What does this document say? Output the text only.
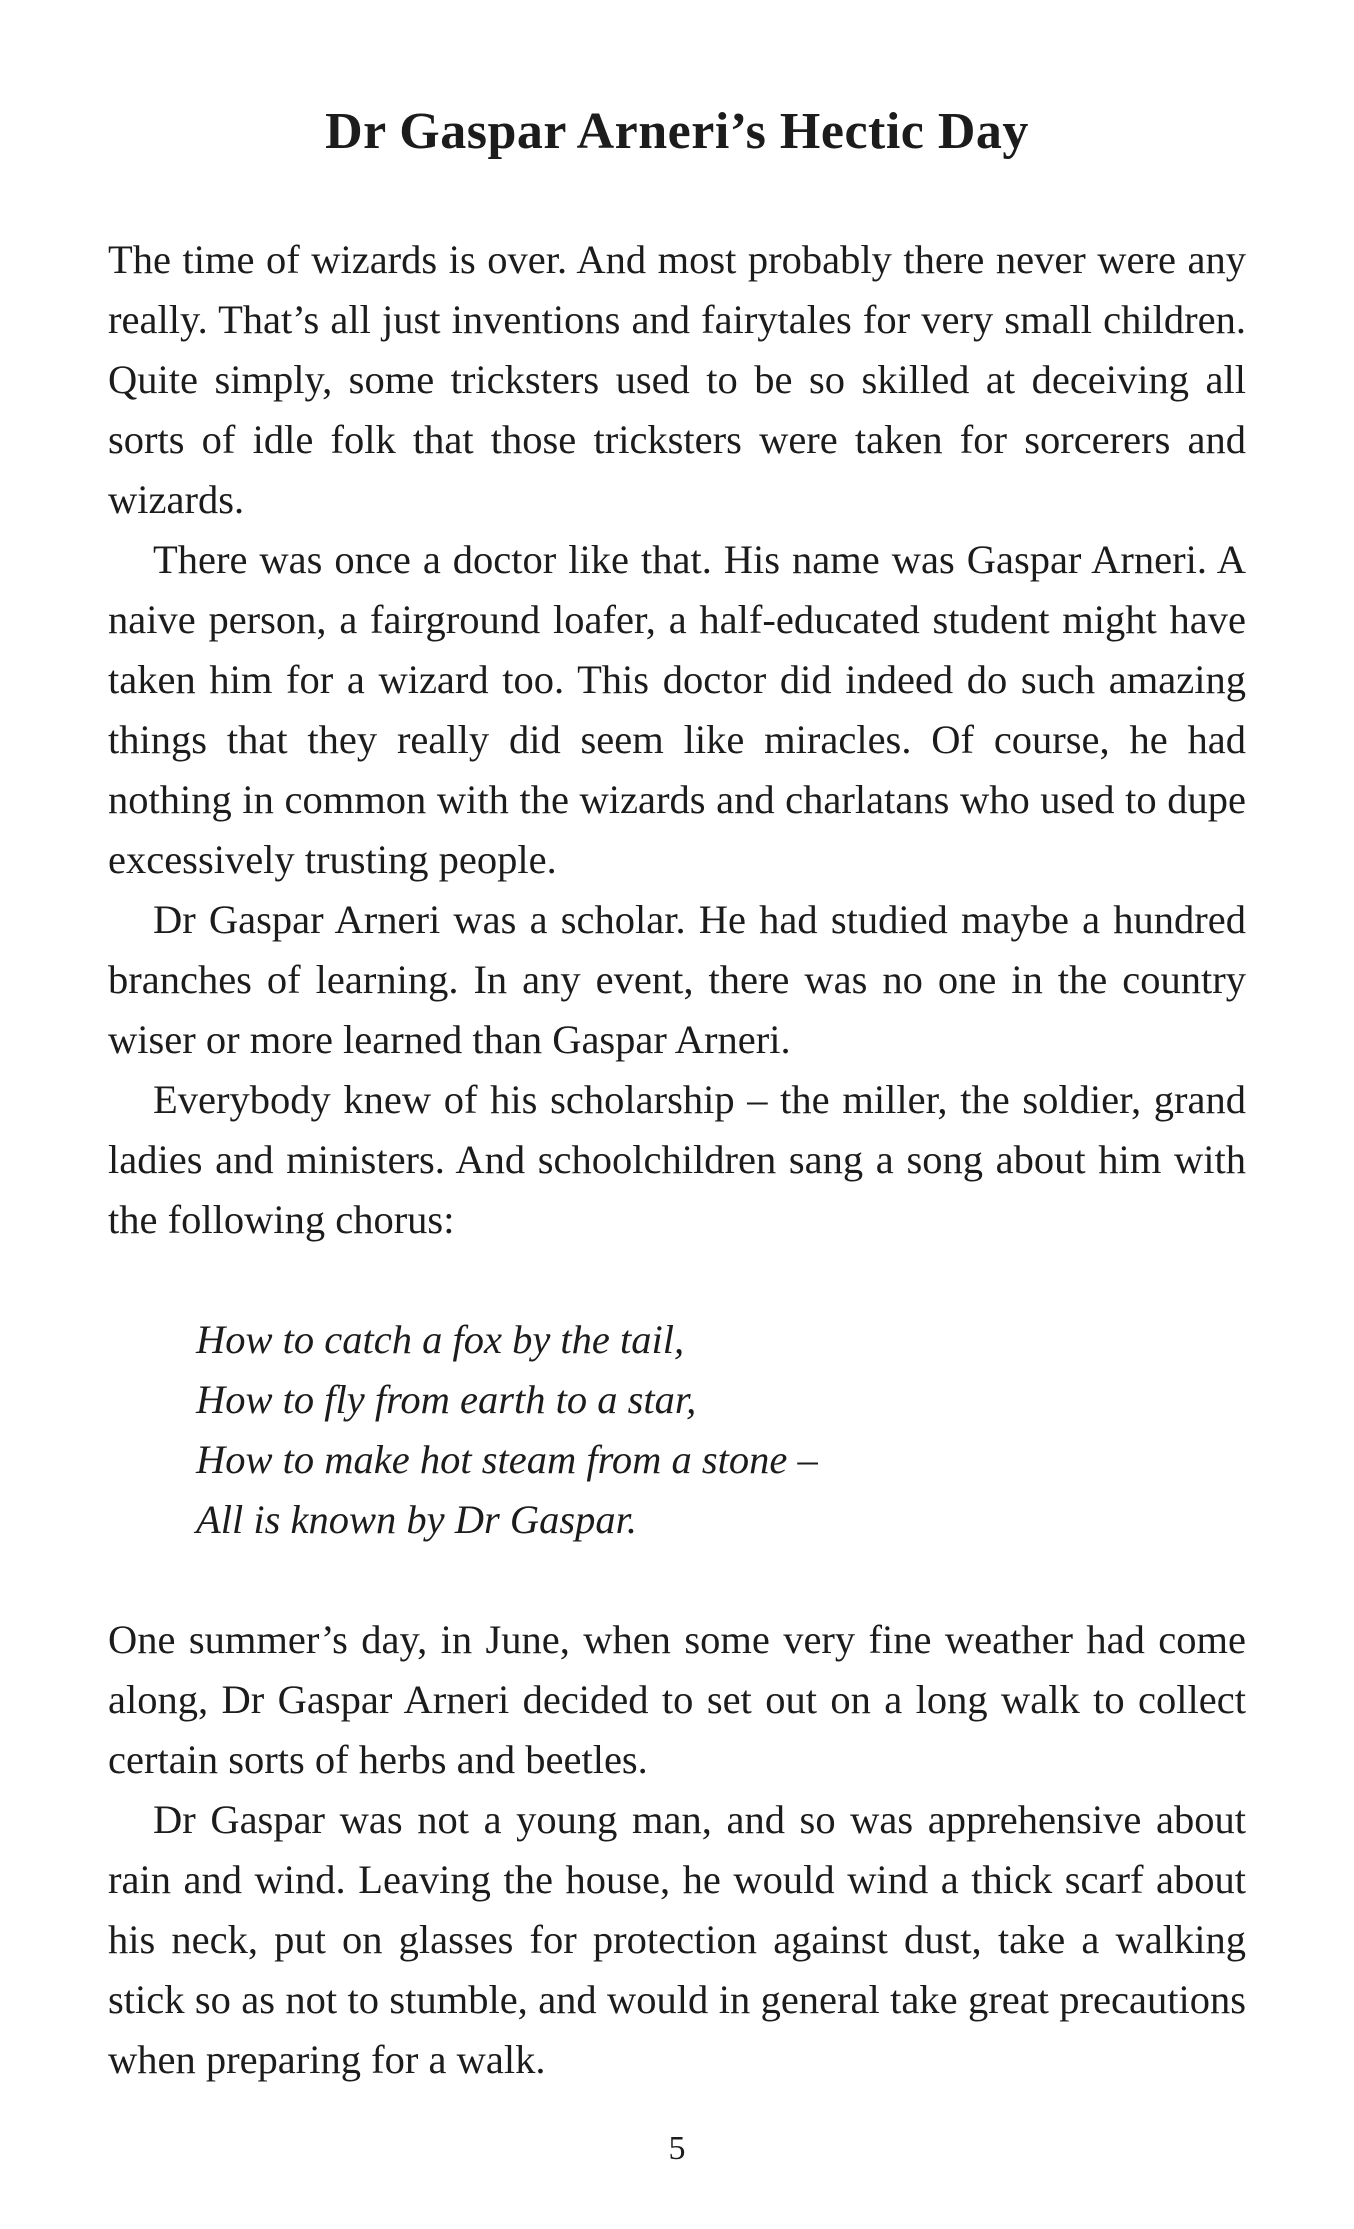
Dr Gaspar Arneri’s Hectic Day

The time of wizards is over. And most probably there never were any really. That’s all just inventions and fairytales for very small children. Quite simply, some tricksters used to be so skilled at deceiving all sorts of idle folk that those tricksters were taken for sorcerers and wizards.

There was once a doctor like that. His name was Gaspar Arneri. A naive person, a fairground loafer, a half-educated student might have taken him for a wizard too. This doctor did indeed do such amazing things that they really did seem like miracles. Of course, he had nothing in common with the wizards and charlatans who used to dupe excessively trusting people.

Dr Gaspar Arneri was a scholar. He had studied maybe a hundred branches of learning. In any event, there was no one in the country wiser or more learned than Gaspar Arneri.

Everybody knew of his scholarship – the miller, the soldier, grand ladies and ministers. And schoolchildren sang a song about him with the following chorus:

How to catch a fox by the tail,
How to fly from earth to a star,
How to make hot steam from a stone –
All is known by Dr Gaspar.

One summer’s day, in June, when some very fine weather had come along, Dr Gaspar Arneri decided to set out on a long walk to collect certain sorts of herbs and beetles.

Dr Gaspar was not a young man, and so was apprehensive about rain and wind. Leaving the house, he would wind a thick scarf about his neck, put on glasses for protection against dust, take a walking stick so as not to stumble, and would in general take great precautions when preparing for a walk.

5
